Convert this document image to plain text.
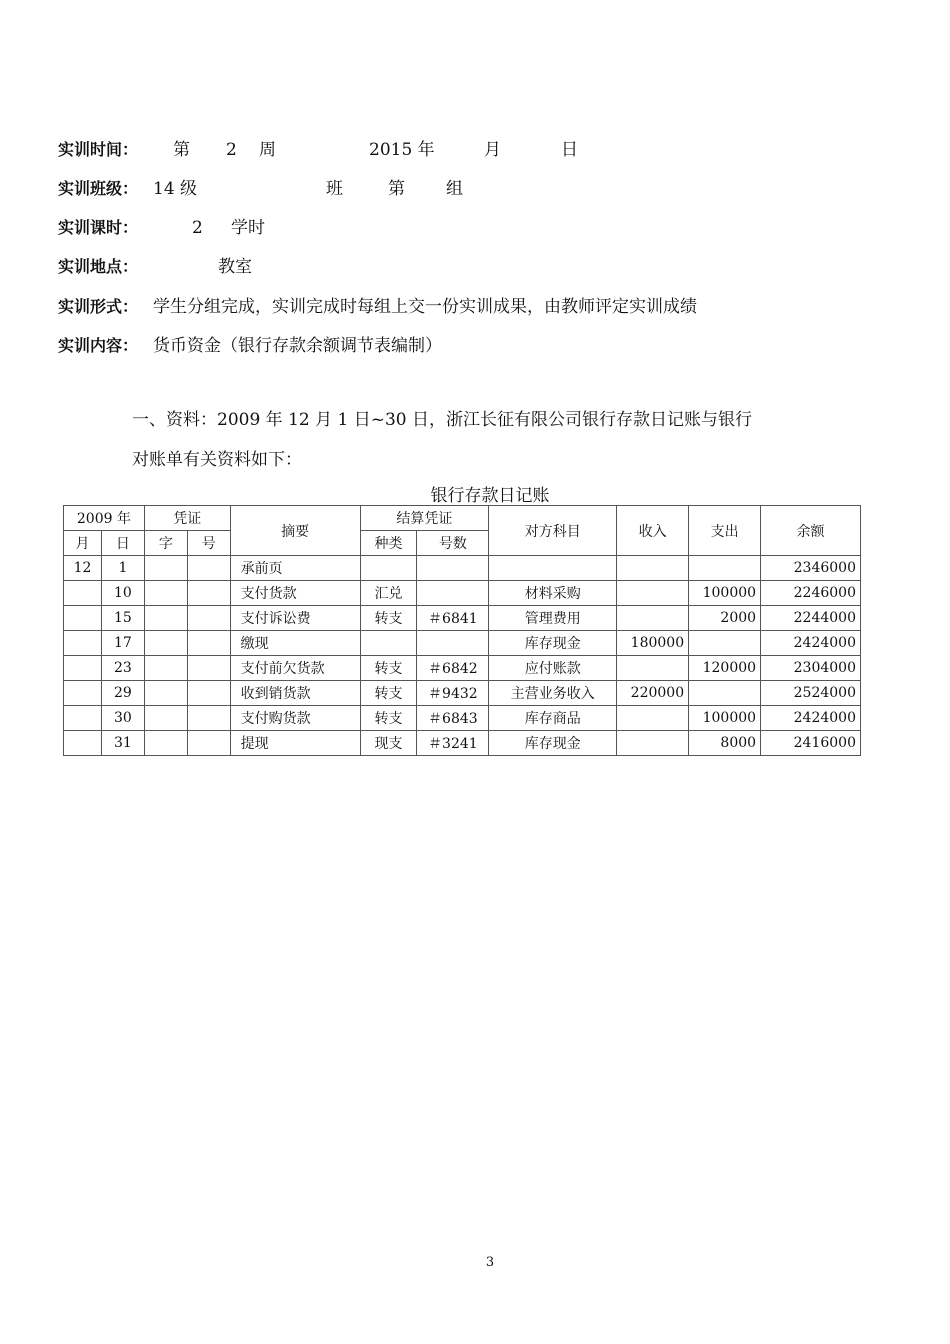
实训时间： 第 2 周	2015 年	月	日
实训班级： 14 级	班	第 组
实训课时：	2 学时
实训地点：	教室
实训形式： 学生分组完成，实训完成时每组上交一份实训成果，由教师评定实训成绩
实训内容： 货币资金（银行存款余额调节表编制）
一、资料：2009 年 12 月 1 日~30 日，浙江长征有限公司银行存款日记账与银行
对账单有关资料如下：
银行存款日记账
2009 年		凭证		摘要	结算凭证		对方科目	收入	支出	余额
月	日	字	号		种类	号数				
12	1			承前页						2346000
	10			支付货款	汇兑		材料采购		100000	2246000
	15			支付诉讼费	转支	＃6841	管理费用		2000	2244000
	17			缴现			库存现金	180000		2424000
	23			支付前欠货款	转支	＃6842	应付账款		120000	2304000
	29			收到销货款	转支	＃9432	主营业务收入	220000		2524000
	30			支付购货款	转支	＃6843	库存商品		100000	2424000
	31			提现	现支	＃3241	库存现金		8000	2416000
3
